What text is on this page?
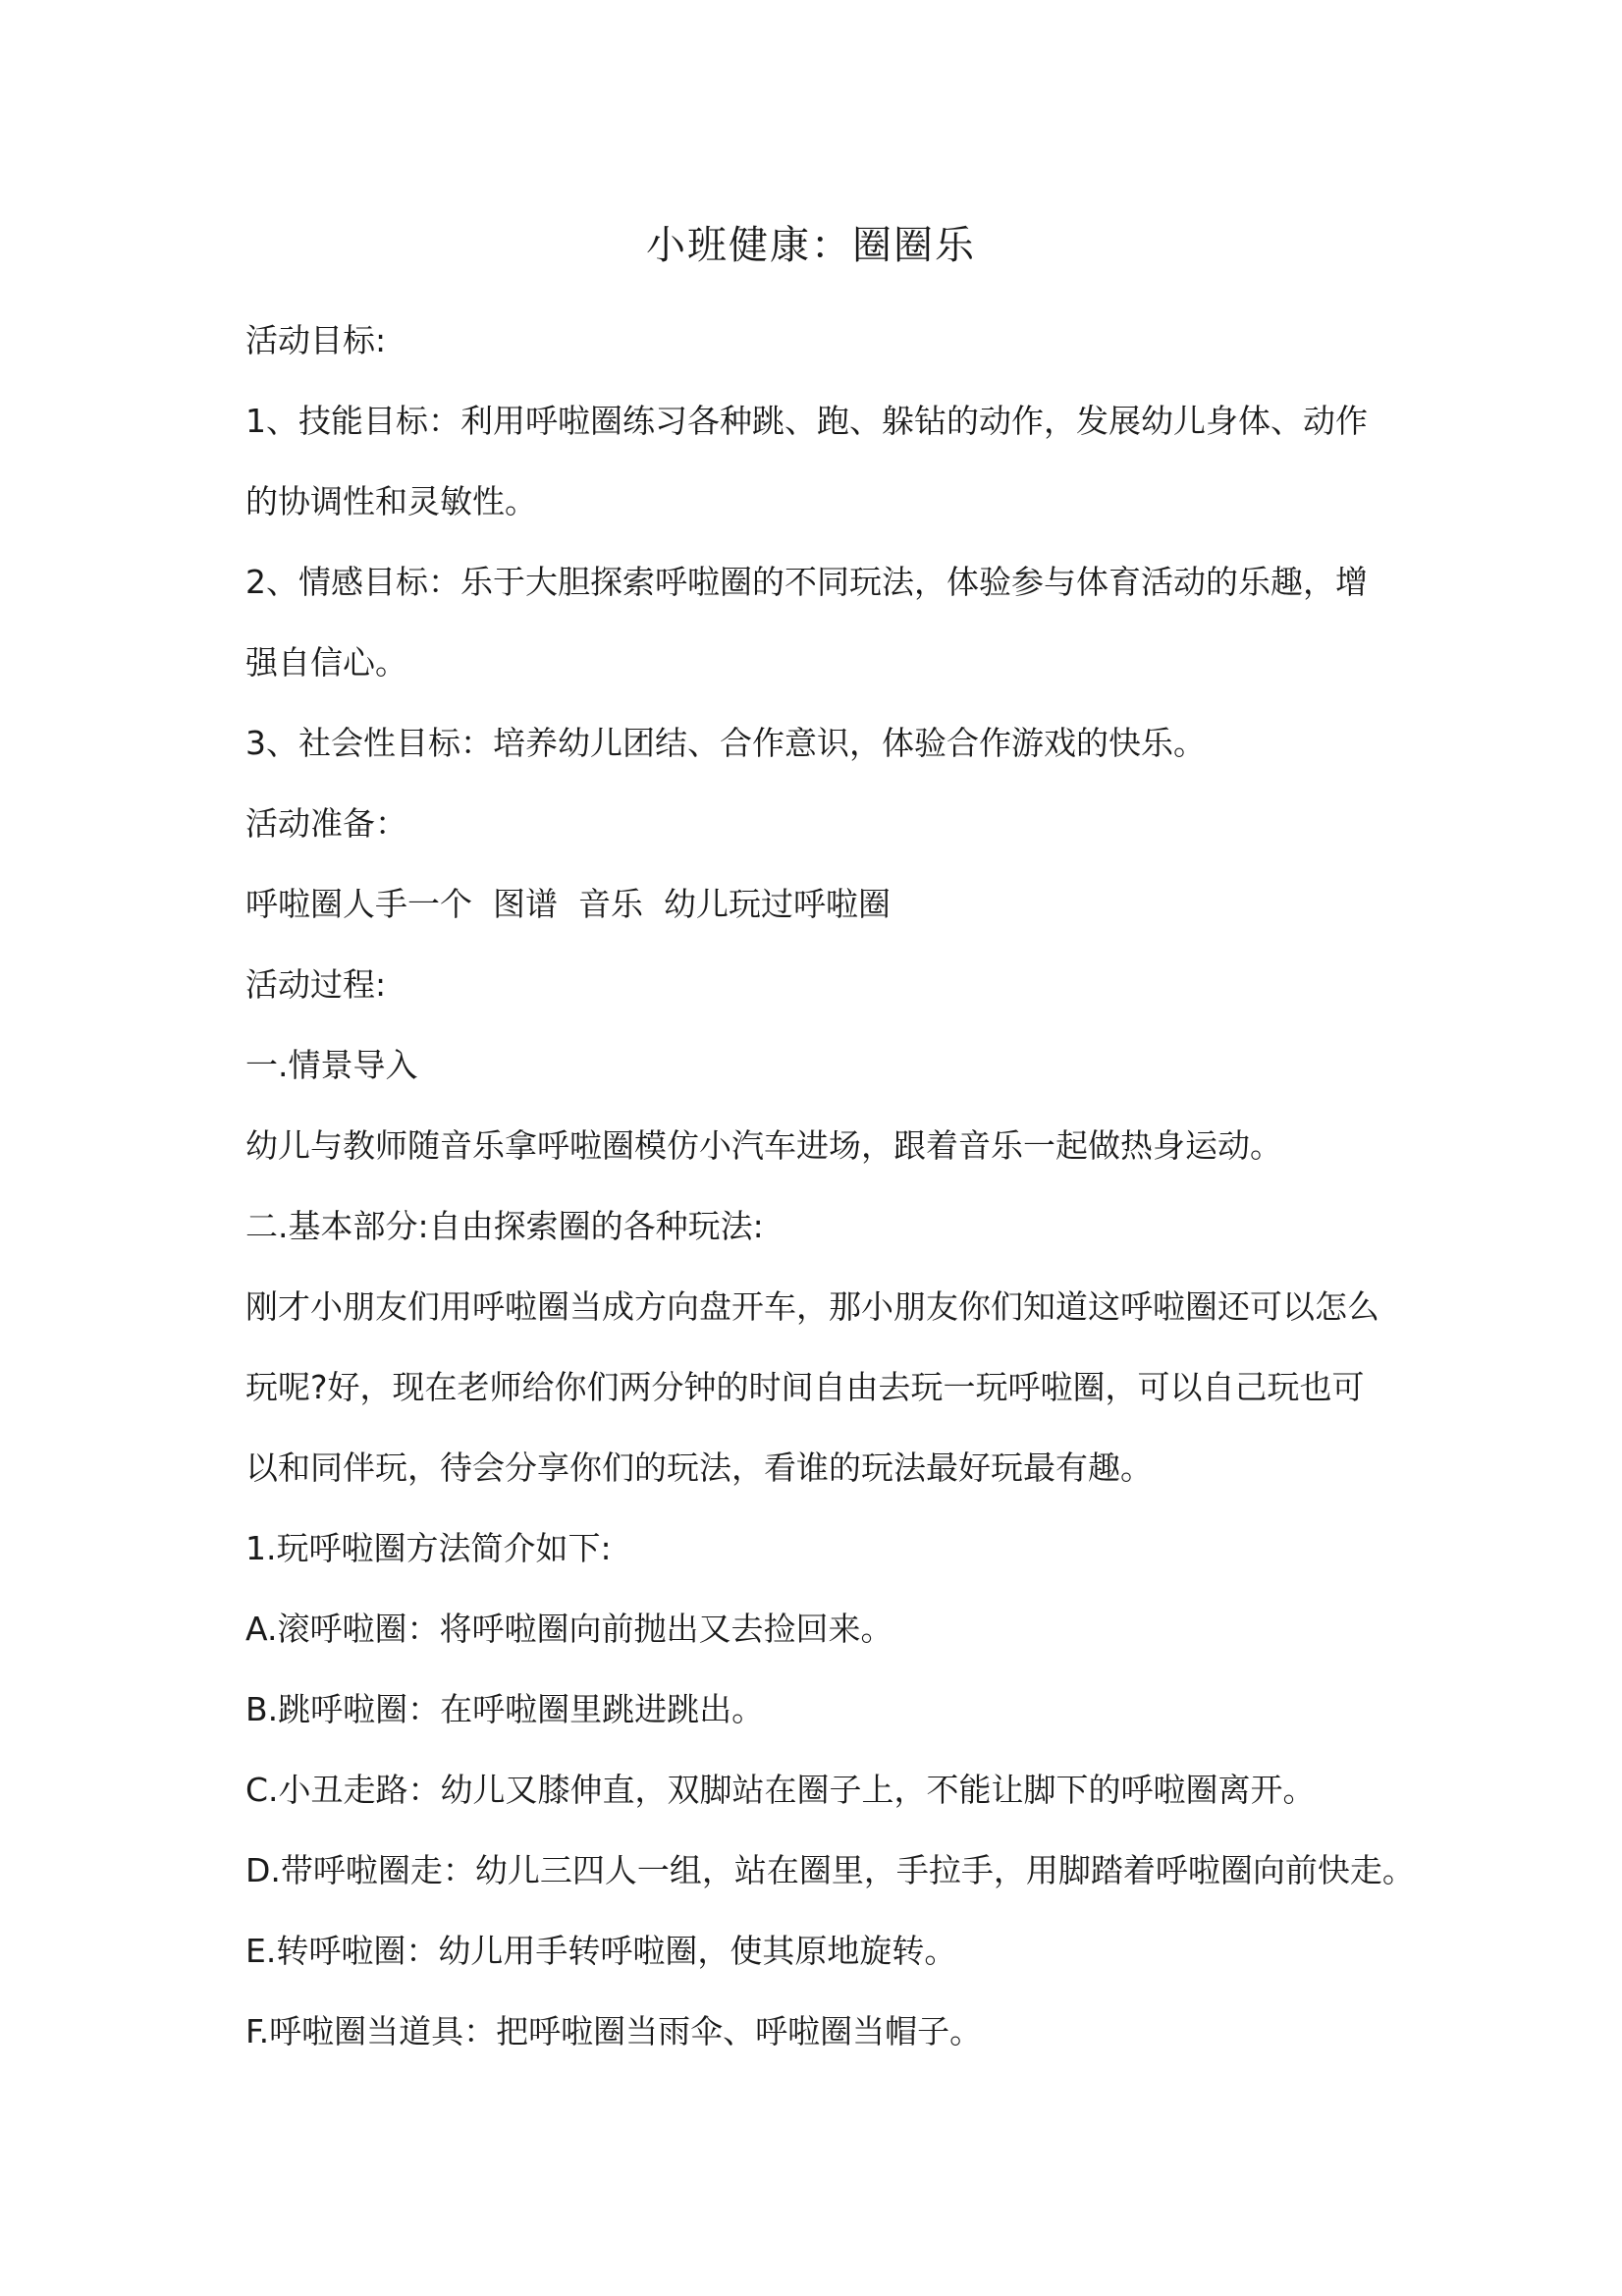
小班健康：圈圈乐
活动目标:
1、技能目标：利用呼啦圈练习各种跳、跑、躲钻的动作，发展幼儿身体、动作
的协调性和灵敏性。
2、情感目标：乐于大胆探索呼啦圈的不同玩法，体验参与体育活动的乐趣，增
强自信心。
3、社会性目标：培养幼儿团结、合作意识，体验合作游戏的快乐。
活动准备：
呼啦圈人手一个  图谱  音乐  幼儿玩过呼啦圈
活动过程:
一.情景导入
幼儿与教师随音乐拿呼啦圈模仿小汽车进场，跟着音乐一起做热身运动。
二.基本部分:自由探索圈的各种玩法:
刚才小朋友们用呼啦圈当成方向盘开车，那小朋友你们知道这呼啦圈还可以怎么
玩呢?好，现在老师给你们两分钟的时间自由去玩一玩呼啦圈，可以自己玩也可
以和同伴玩，待会分享你们的玩法，看谁的玩法最好玩最有趣。
1.玩呼啦圈方法简介如下:
A.滚呼啦圈：将呼啦圈向前抛出又去捡回来。
B.跳呼啦圈：在呼啦圈里跳进跳出。
C.小丑走路：幼儿又膝伸直，双脚站在圈子上，不能让脚下的呼啦圈离开。
D.带呼啦圈走：幼儿三四人一组，站在圈里，手拉手，用脚踏着呼啦圈向前快走。
E.转呼啦圈：幼儿用手转呼啦圈，使其原地旋转。
F.呼啦圈当道具：把呼啦圈当雨伞、呼啦圈当帽子。
